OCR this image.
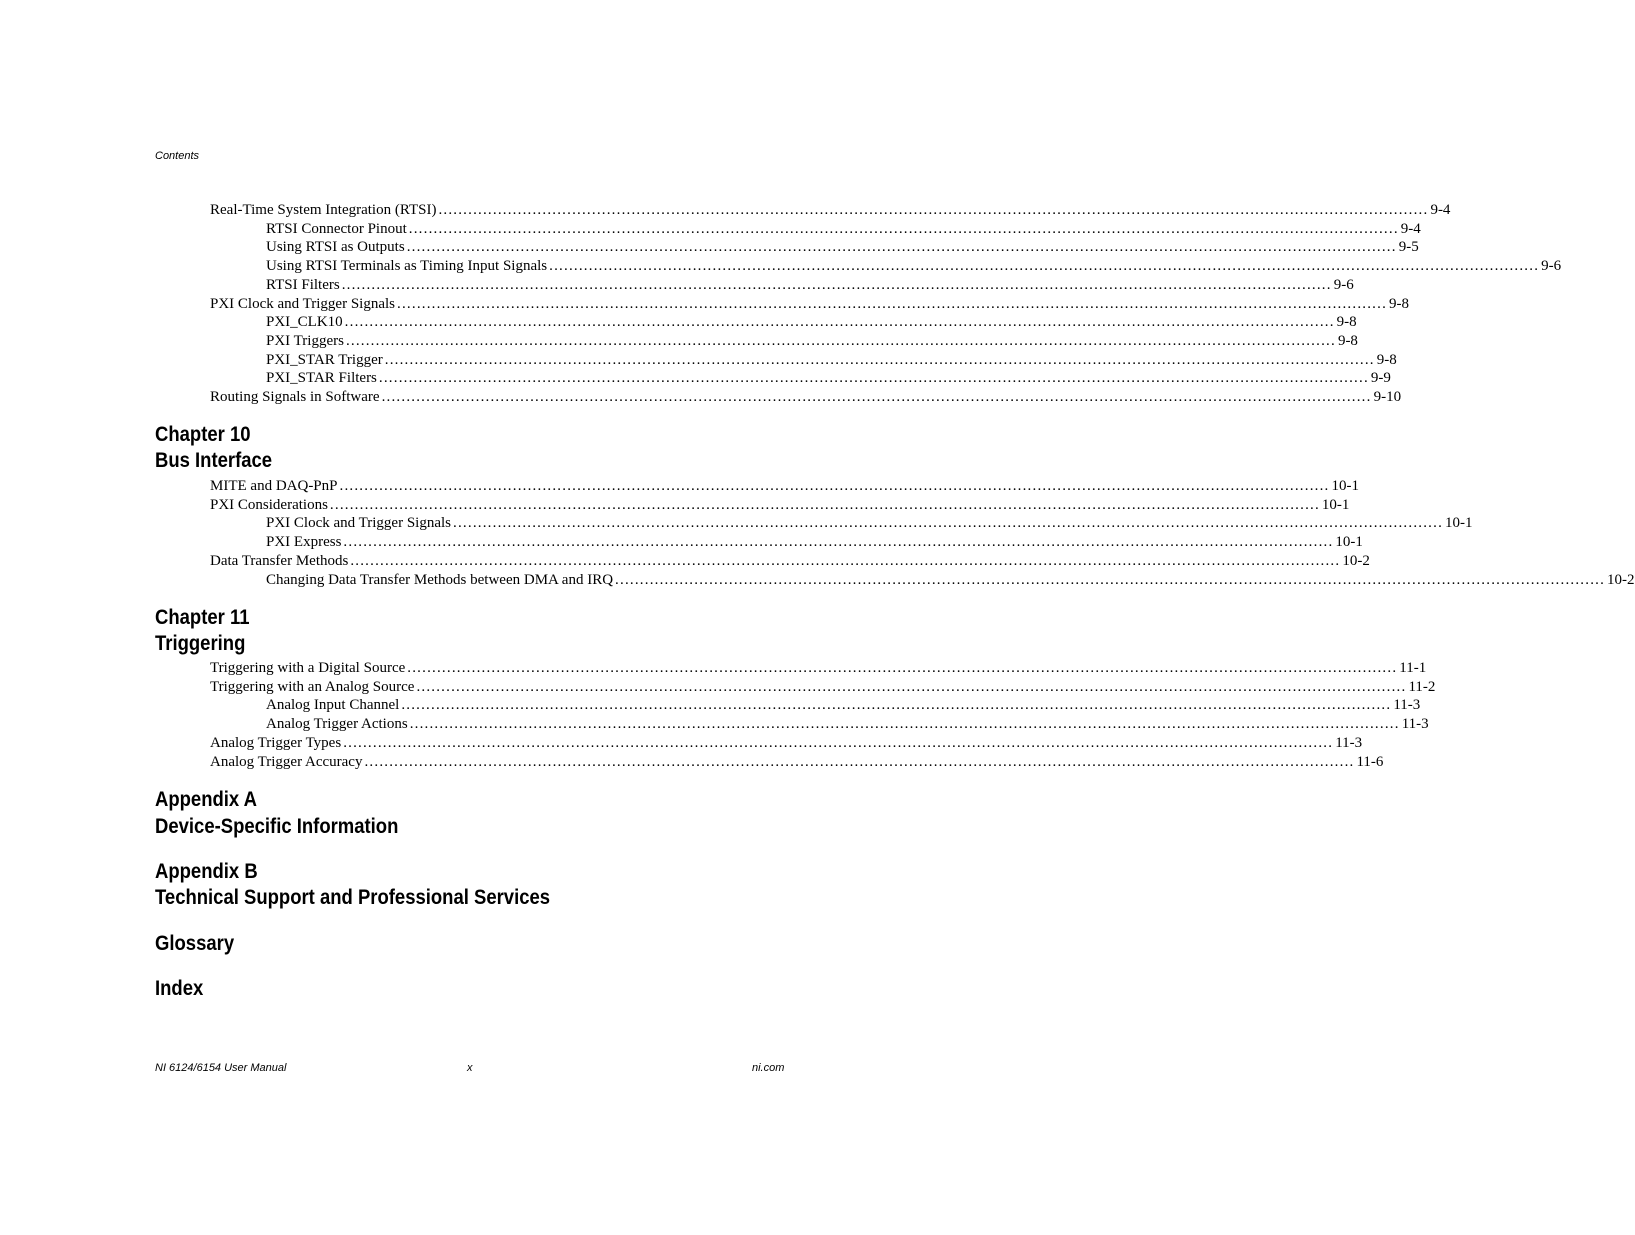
Contents
Real-Time System Integration (RTSI) ........................................................................................................................................................................................................ 9-4
RTSI Connector Pinout ........................................................................................................................................................................................................ 9-4
Using RTSI as Outputs ........................................................................................................................................................................................................ 9-5
Using RTSI Terminals as Timing Input Signals ........................................................................................................................................................................................................ 9-6
RTSI Filters ........................................................................................................................................................................................................ 9-6
PXI Clock and Trigger Signals ........................................................................................................................................................................................................ 9-8
PXI_CLK10 ........................................................................................................................................................................................................ 9-8
PXI Triggers ........................................................................................................................................................................................................ 9-8
PXI_STAR Trigger ........................................................................................................................................................................................................ 9-8
PXI_STAR Filters ........................................................................................................................................................................................................ 9-9
Routing Signals in Software ........................................................................................................................................................................................................ 9-10
Chapter 10
Bus Interface
MITE and DAQ-PnP ........................................................................................................................................................................................................ 10-1
PXI Considerations ........................................................................................................................................................................................................ 10-1
PXI Clock and Trigger Signals ........................................................................................................................................................................................................ 10-1
PXI Express ........................................................................................................................................................................................................ 10-1
Data Transfer Methods ........................................................................................................................................................................................................ 10-2
Changing Data Transfer Methods between DMA and IRQ ........................................................................................................................................................................................................ 10-2
Chapter 11
Triggering
Triggering with a Digital Source ........................................................................................................................................................................................................ 11-1
Triggering with an Analog Source ........................................................................................................................................................................................................ 11-2
Analog Input Channel ........................................................................................................................................................................................................ 11-3
Analog Trigger Actions ........................................................................................................................................................................................................ 11-3
Analog Trigger Types ........................................................................................................................................................................................................ 11-3
Analog Trigger Accuracy ........................................................................................................................................................................................................ 11-6
Appendix A
Device-Specific Information
Appendix B
Technical Support and Professional Services
Glossary
Index
NI 6124/6154 User Manual	x	ni.com
